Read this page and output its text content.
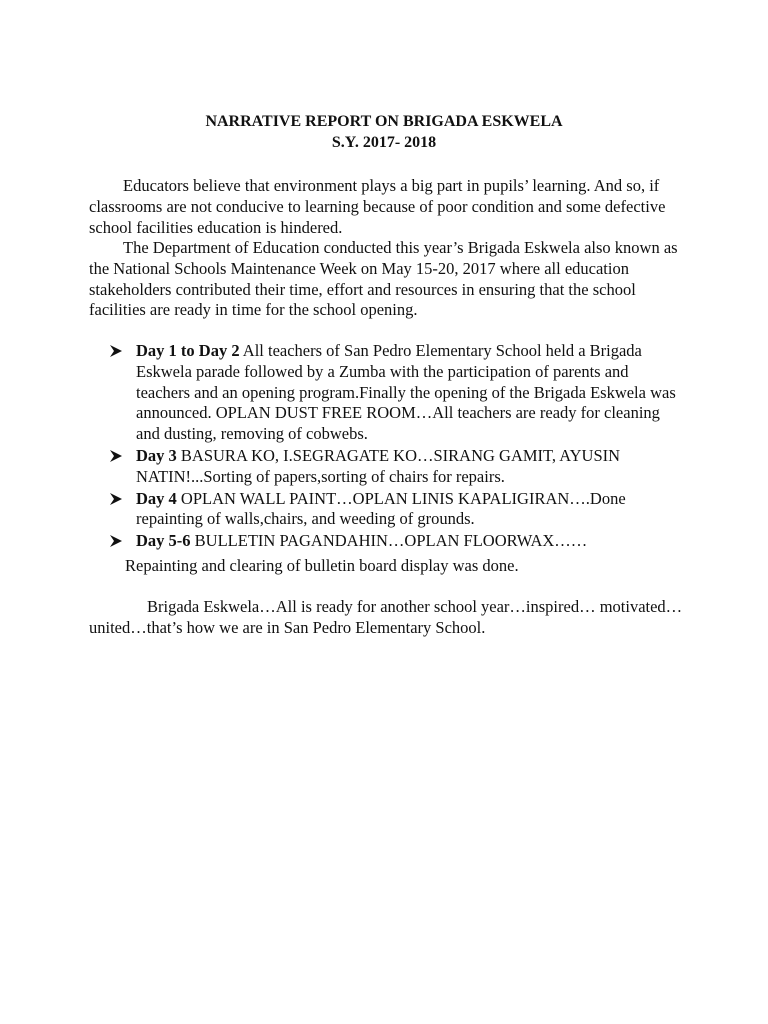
NARRATIVE REPORT ON BRIGADA ESKWELA
S.Y. 2017- 2018
Educators believe that environment plays a big part in pupils’ learning. And so, if classrooms are not conducive to learning because of poor condition and some defective school facilities education is hindered.
The Department of Education conducted this year’s Brigada Eskwela also known as the National Schools Maintenance Week on May 15-20, 2017 where all education stakeholders contributed their time, effort and resources in ensuring that the school facilities are ready in time for the school opening.
Day 1 to Day 2 All teachers of San Pedro Elementary School held a Brigada Eskwela parade followed by a Zumba with the participation of parents and teachers and an opening program.Finally the opening of the Brigada Eskwela was announced. OPLAN DUST FREE ROOM…All teachers are ready for cleaning and dusting, removing of cobwebs.
Day 3 BASURA KO, I.SEGRAGATE KO…SIRANG GAMIT, AYUSIN NATIN!...Sorting of papers,sorting of chairs for repairs.
Day 4 OPLAN WALL PAINT…OPLAN LINIS KAPALIGIRAN….Done repainting of walls,chairs, and weeding of grounds.
Day 5-6 BULLETIN PAGANDAHIN…OPLAN FLOORWAX……
Repainting and clearing of bulletin board display was done.
Brigada Eskwela…All is ready for another school year…inspired… motivated…united…that’s how we are in San Pedro Elementary School.
